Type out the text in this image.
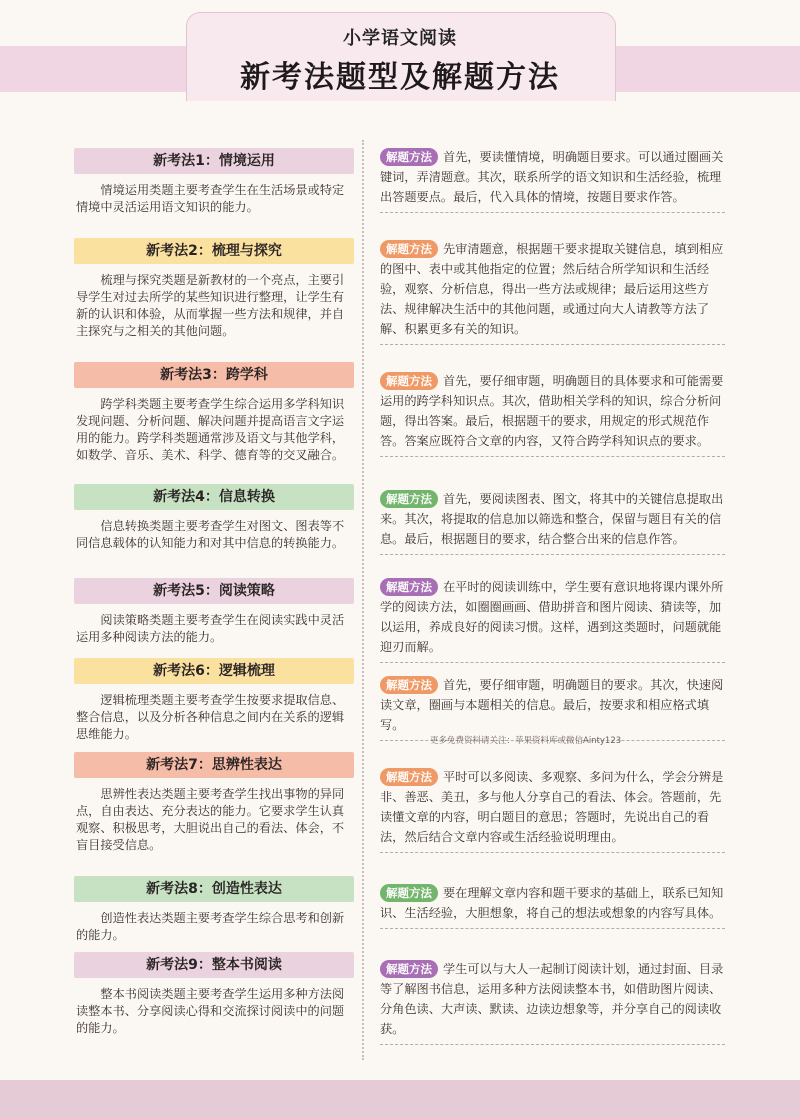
小学语文阅读
新考法题型及解题方法
新考法1：情境运用
情境运用类题主要考查学生在生活场景或特定情境中灵活运用语文知识的能力。
新考法2：梳理与探究
梳理与探究类题是新教材的一个亮点，主要引导学生对过去所学的某些知识进行整理，让学生有新的认识和体验，从而掌握一些方法和规律，并自主探究与之相关的其他问题。
新考法3：跨学科
跨学科类题主要考查学生综合运用多学科知识发现问题、分析问题、解决问题并提高语言文字运用的能力。跨学科类题通常涉及语文与其他学科，如数学、音乐、美术、科学、德育等的交叉融合。
新考法4：信息转换
信息转换类题主要考查学生对图文、图表等不同信息载体的认知能力和对其中信息的转换能力。
新考法5：阅读策略
阅读策略类题主要考查学生在阅读实践中灵活运用多种阅读方法的能力。
新考法6：逻辑梳理
逻辑梳理类题主要考查学生按要求提取信息、整合信息，以及分析各种信息之间内在关系的逻辑思维能力。
新考法7：思辨性表达
思辨性表达类题主要考查学生找出事物的异同点，自由表达、充分表达的能力。它要求学生认真观察、积极思考，大胆说出自己的看法、体会，不盲目接受信息。
新考法8：创造性表达
创造性表达类题主要考查学生综合思考和创新的能力。
新考法9：整本书阅读
整本书阅读类题主要考查学生运用多种方法阅读整本书、分享阅读心得和交流探讨阅读中的问题的能力。
解题方法 首先，要读懂情境，明确题目要求。可以通过圈画关键词，弄清题意。其次，联系所学的语文知识和生活经验，梳理出答题要点。最后，代入具体的情境，按题目要求作答。
解题方法 先审清题意，根据题干要求提取关键信息，填到相应的图中、表中或其他指定的位置；然后结合所学知识和生活经验，观察、分析信息，得出一些方法或规律；最后运用这些方法、规律解决生活中的其他问题，或通过向大人请教等方法了解、积累更多有关的知识。
解题方法 首先，要仔细审题，明确题目的具体要求和可能需要运用的跨学科知识点。其次，借助相关学科的知识，综合分析问题，得出答案。最后，根据题干的要求，用规定的形式规范作答。答案应既符合文章的内容，又符合跨学科知识点的要求。
解题方法 首先，要阅读图表、图文，将其中的关键信息提取出来。其次，将提取的信息加以筛选和整合，保留与题目有关的信息。最后，根据题目的要求，结合整合出来的信息作答。
解题方法 在平时的阅读训练中，学生要有意识地将课内课外所学的阅读方法，如圈圈画画、借助拼音和图片阅读、猜读等，加以运用，养成良好的阅读习惯。这样，遇到这类题时，问题就能迎刃而解。
解题方法 首先，要仔细审题，明确题目的要求。其次，快速阅读文章，圈画与本题相关的信息。最后，按要求和相应格式填写。
解题方法 平时可以多阅读、多观察、多问为什么，学会分辨是非、善恶、美丑，多与他人分享自己的看法、体会。答题前，先读懂文章的内容，明白题目的意思；答题时，先说出自己的看法，然后结合文章内容或生活经验说明理由。
解题方法 要在理解文章内容和题干要求的基础上，联系已知知识、生活经验，大胆想象，将自己的想法或想象的内容写具体。
解题方法 学生可以与大人一起制订阅读计划，通过封面、目录等了解图书信息，运用多种方法阅读整本书，如借助图片阅读、分角色读、大声读、默读、边读边想象等，并分享自己的阅读收获。
更多免费资料请关注：苹果资料库或微信Ainty123
